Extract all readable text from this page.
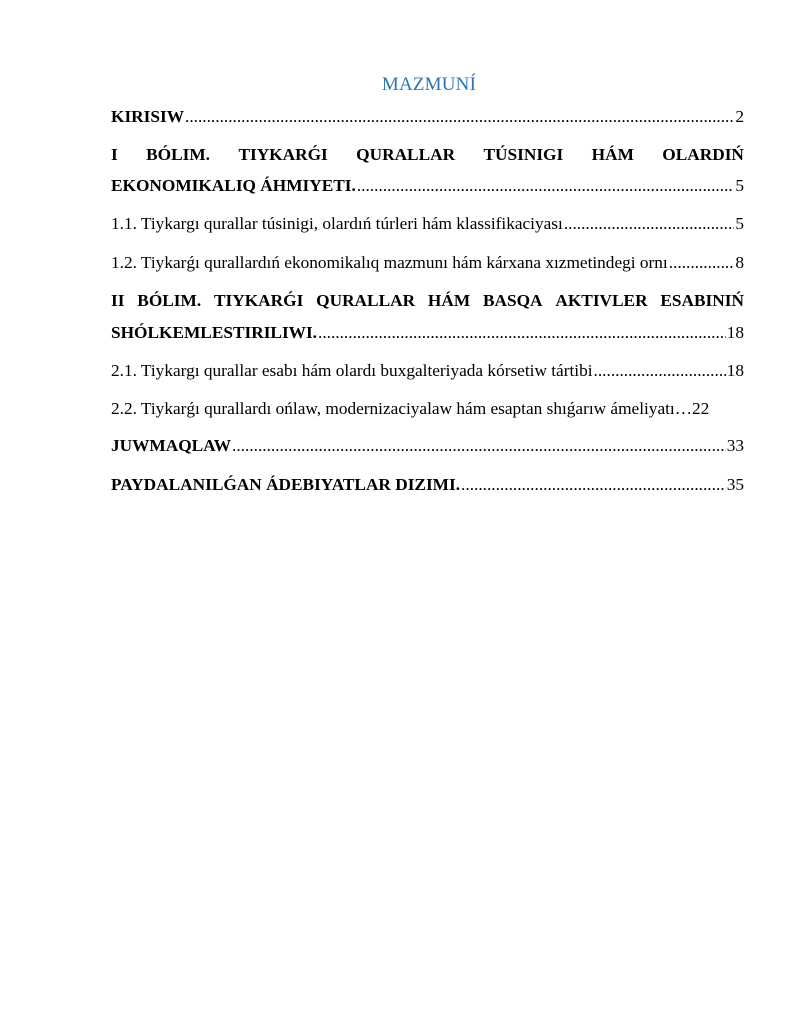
MAZMUNÍ
KIRISIW .....	2
I BÓLIM. TIYKARǴI QURALLAR TÚSINIGI HÁM OLARDIŃ
EKONOMIKALIQ ÁHMIYETI. .....	5
1.1. Tiykargı qurallar túsinigi, olardıń túrleri hám klassifikaciyası .....	5
1.2. Tiykarǵı qurallardıń ekonomikalıq mazmunı hám kárxana xızmetindegi ornı .....	8
II BÓLIM. TIYKARǴI QURALLAR HÁM BASQA AKTIVLER ESABINIŃ
SHÓLKEMLESTIRILIWI. .....	18
2.1. Tiykargı qurallar esabı hám olardı buxgalteriyada kórsetiw tártibi .....	18
2.2. Tiykarǵı qurallardı ońlaw, modernizaciyalaw hám esaptan shıǵarıw ámeliyatı… 22
JUWMAQLAW .....	33
PAYDALANILǴAN ÁDEBIYATLAR DIZIMI. .....	35
